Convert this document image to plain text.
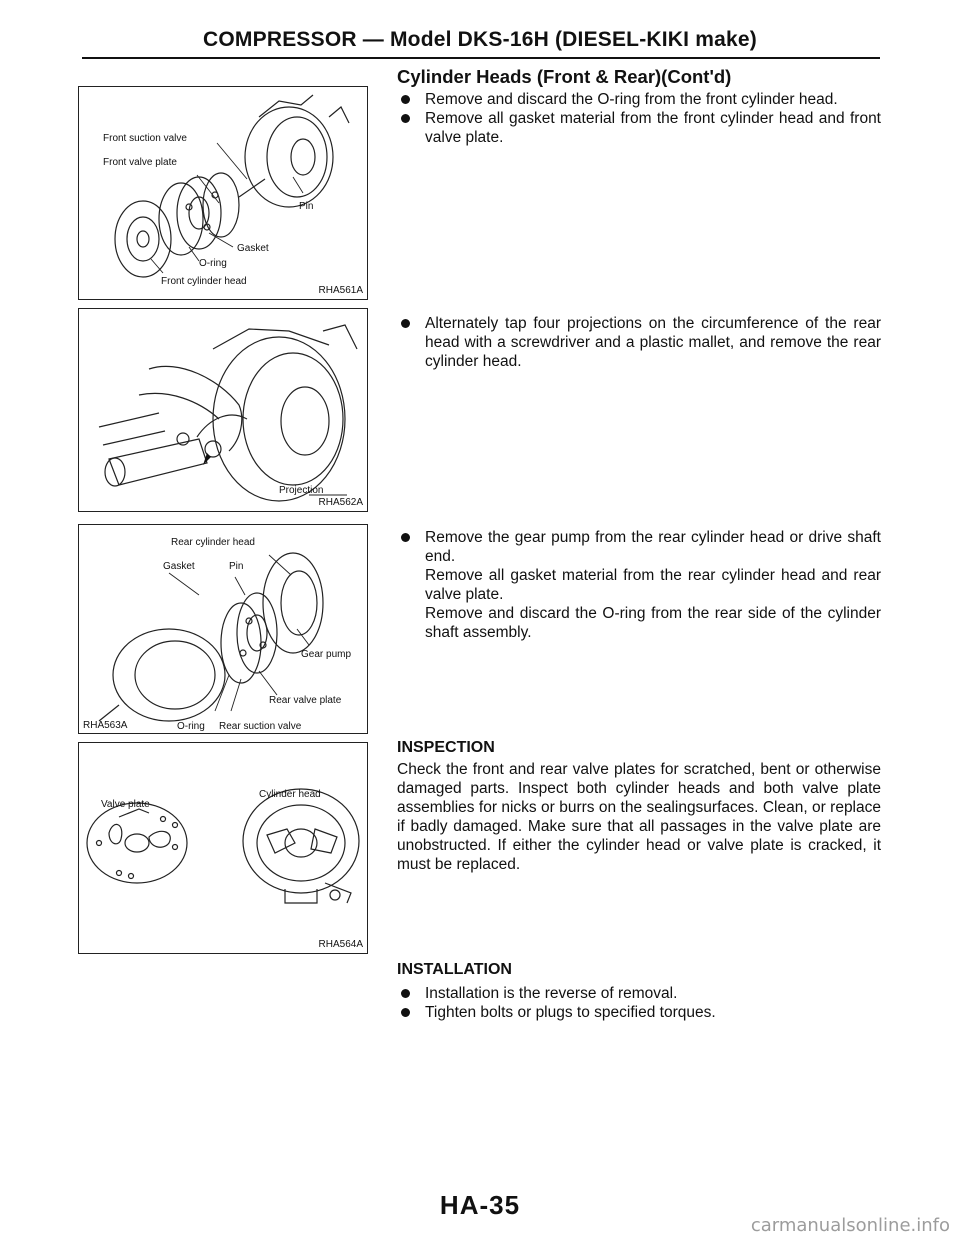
COMPRESSOR — Model DKS-16H (DIESEL-KIKI make)
Front suction valve
Front valve plate
Pin
Gasket
O-ring
Front cylinder head
RHA561A
Projection
RHA562A
Rear cylinder head
Gasket	Pin
Gear pump
Rear valve plate
O-ring Rear suction valve
RHA563A
Valve plate
Cylinder head
RHA564A
Cylinder Heads (Front & Rear)(Cont'd)
Remove and discard the O-ring from the front cylinder head.
Remove all gasket material from the front cylinder head and front valve plate.
Alternately tap four projections on the circumference of the rear head with a screwdriver and a plastic mallet, and remove the rear cylinder head.
Remove the gear pump from the rear cylinder head or drive shaft end.
Remove all gasket material from the rear cylinder head and rear valve plate.
Remove and discard the O-ring from the rear side of the cylinder shaft assembly.
INSPECTION

Check the front and rear valve plates for scratched, bent or otherwise damaged parts. Inspect both cylinder heads and both valve plate assemblies for nicks or burrs on the sealingsurfaces. Clean, or replace if badly damaged. Make sure that all passages in the valve plate are unobstructed. If either the cylinder head or valve plate is cracked, it must be replaced.

INSTALLATION
Installation is the reverse of removal.
Tighten bolts or plugs to specified torques.
HA-35
carmanualsonline.info
